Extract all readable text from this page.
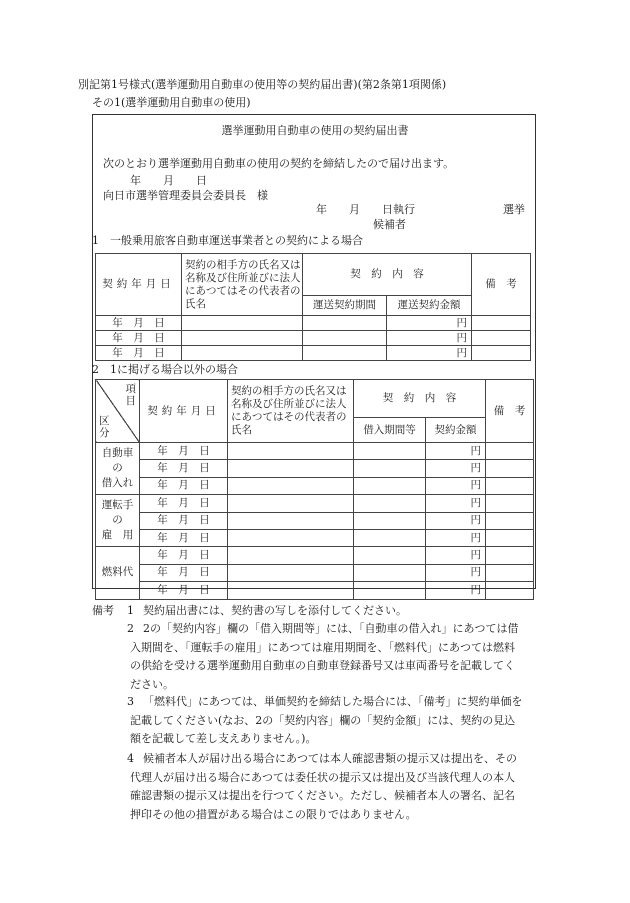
別記第1号様式(選挙運動用自動車の使用等の契約届出書)(第2条第1項関係)
その1(選挙運動用自動車の使用)
選挙運動用自動車の使用の契約届出書
次のとおり選挙運動用自動車の使用の契約を締結したので届け出ます。
年　　月　　日
向日市選挙管理委員会委員長　様
年　　月　　日執行	選挙
候補者
1　一般乗用旅客自動車運送事業者との契約による場合
契約年月日	契約の相手方の氏名又は名称及び住所並びに法人にあつてはその代表者の氏名	契　約　内　容		備　考
		運送契約期間	運送契約金額	
年　月　日			円	
年　月　日			円	
年　月　日			円	
2　1に掲げる場合以外の場合
項
目
区
分	契約年月日	契約の相手方の氏名又は名称及び住所並びに法人にあつてはその代表者の氏名	契　約　内　容		備　考
			借入期間等	契約金額	
自動車
の
借入れ	年　月　日			円	
	年　月　日			円	
	年　月　日			円	
運転手
の
雇　用	年　月　日			円	
	年　月　日			円	
	年　月　日			円	
燃料代	年　月　日			円	
	年　月　日			円	
	年　月　日			円	
備考 1 契約届出書には、契約書の写しを添付してください。
2 2の「契約内容」欄の「借入期間等」には、「自動車の借入れ」にあつては借
入期間を、「運転手の雇用」にあつては雇用期間を、「燃料代」にあつては燃料
の供給を受ける選挙運動用自動車の自動車登録番号又は車両番号を記載してく
ださい。
3 「燃料代」にあつては、単価契約を締結した場合には、「備考」に契約単価を
記載してください(なお、2の「契約内容」欄の「契約金額」には、契約の見込
額を記載して差し支えありません。)。
4 候補者本人が届け出る場合にあつては本人確認書類の提示又は提出を、その
代理人が届け出る場合にあつては委任状の提示又は提出及び当該代理人の本人
確認書類の提示又は提出を行つてください。ただし、候補者本人の署名、記名
押印その他の措置がある場合はこの限りではありません。
